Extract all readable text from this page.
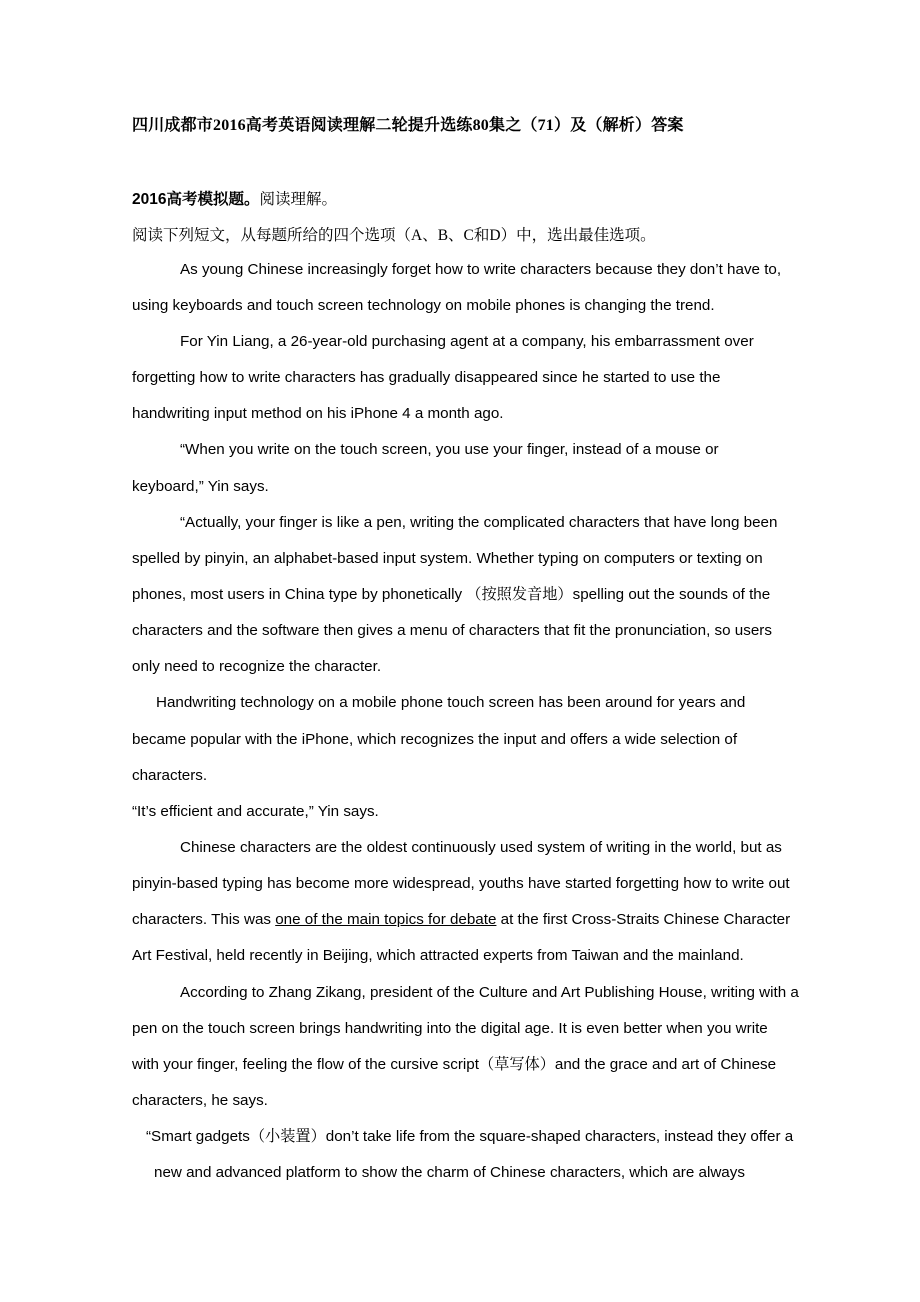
四川成都市2016高考英语阅读理解二轮提升选练80集之（71）及（解析）答案
2016高考模拟题。阅读理解。
阅读下列短文，从每题所给的四个选项（A、B、C和D）中，选出最佳选项。
As young Chinese increasingly forget how to write characters because they don’t have to,
using keyboards and touch screen technology on mobile phones is changing the trend.
For Yin Liang, a 26-year-old purchasing agent at a company, his embarrassment over
forgetting how to write characters has gradually disappeared since he started to use the
handwriting input method on his iPhone 4 a month ago.
“When you write on the touch screen, you use your finger, instead of a mouse or
keyboard,” Yin says.
“Actually, your finger is like a pen, writing the complicated characters that have long been
spelled by pinyin, an alphabet-based input system. Whether typing on computers or texting on
phones, most users in China type by phonetically （按照发音地）spelling out the sounds of the
characters and the software then gives a menu of characters that fit the pronunciation, so users
only need to recognize the character.
Handwriting technology on a mobile phone touch screen has been around for years and
became popular with the iPhone, which recognizes the input and offers a wide selection of
characters.
“It’s efficient and accurate,” Yin says.
Chinese characters are the oldest continuously used system of writing in the world, but as
pinyin-based typing has become more widespread, youths have started forgetting how to write out
characters. This was one of the main topics for debate at the first Cross-Straits Chinese Character
Art Festival, held recently in Beijing, which attracted experts from Taiwan and the mainland.
According to Zhang Zikang, president of the Culture and Art Publishing House, writing with a
pen on the touch screen brings handwriting into the digital age. It is even better when you write
with your finger, feeling the flow of the cursive script（草写体）and the grace and art of Chinese
characters, he says.
“Smart gadgets（小装置）don’t take life from the square-shaped characters, instead they offer a
new and advanced platform to show the charm of Chinese characters, which are always
